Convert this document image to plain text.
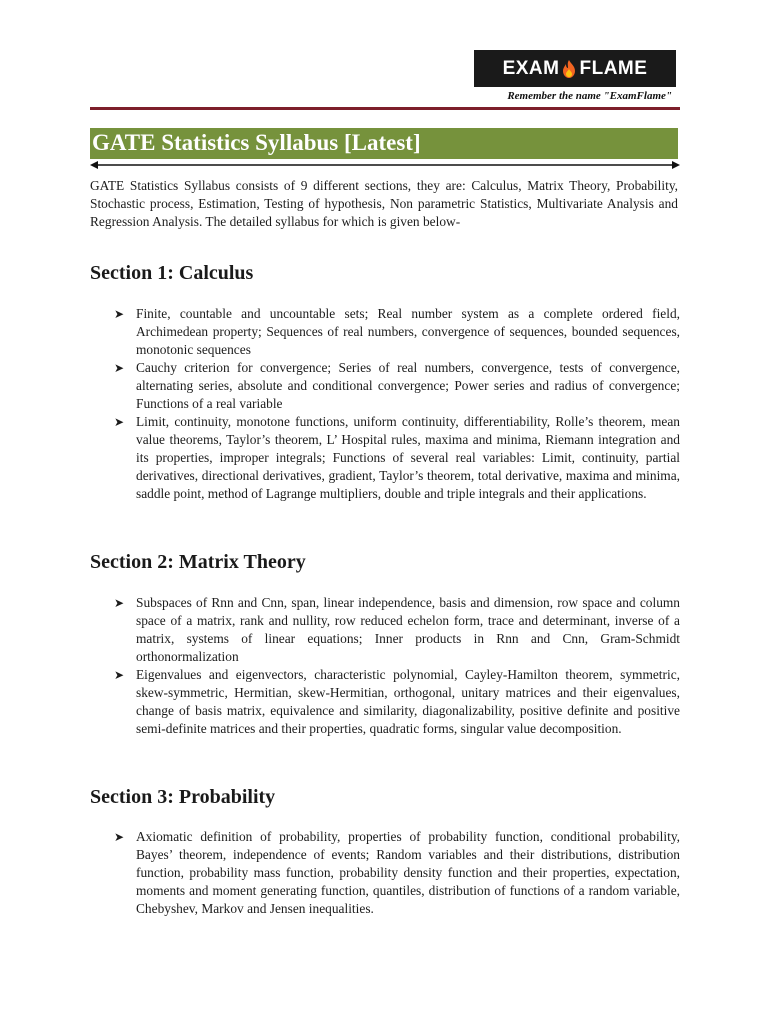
EXAM FLAME
Remember the name "ExamFlame"
GATE Statistics Syllabus [Latest]

GATE Statistics Syllabus consists of 9 different sections, they are: Calculus, Matrix Theory, Probability, Stochastic process, Estimation, Testing of hypothesis, Non parametric Statistics, Multivariate Analysis and Regression Analysis. The detailed syllabus for which is given below-

Section 1: Calculus
➤ Finite, countable and uncountable sets; Real number system as a complete ordered field, Archimedean property; Sequences of real numbers, convergence of sequences, bounded sequences, monotonic sequences
➤ Cauchy criterion for convergence; Series of real numbers, convergence, tests of convergence, alternating series, absolute and conditional convergence; Power series and radius of convergence; Functions of a real variable
➤ Limit, continuity, monotone functions, uniform continuity, differentiability, Rolle’s theorem, mean value theorems, Taylor’s theorem, L’ Hospital rules, maxima and minima, Riemann integration and its properties, improper integrals; Functions of several real variables: Limit, continuity, partial derivatives, directional derivatives, gradient, Taylor’s theorem, total derivative, maxima and minima, saddle point, method of Lagrange multipliers, double and triple integrals and their applications.
Section 2: Matrix Theory
➤ Subspaces of Rnn and Cnn, span, linear independence, basis and dimension, row space and column space of a matrix, rank and nullity, row reduced echelon form, trace and determinant, inverse of a matrix, systems of linear equations; Inner products in Rnn and Cnn, Gram-Schmidt orthonormalization
➤ Eigenvalues and eigenvectors, characteristic polynomial, Cayley-Hamilton theorem, symmetric, skew-symmetric, Hermitian, skew-Hermitian, orthogonal, unitary matrices and their eigenvalues, change of basis matrix, equivalence and similarity, diagonalizability, positive definite and positive semi-definite matrices and their properties, quadratic forms, singular value decomposition.
Section 3: Probability
➤ Axiomatic definition of probability, properties of probability function, conditional probability, Bayes’ theorem, independence of events; Random variables and their distributions, distribution function, probability mass function, probability density function and their properties, expectation, moments and moment generating function, quantiles, distribution of functions of a random variable, Chebyshev, Markov and Jensen inequalities.
